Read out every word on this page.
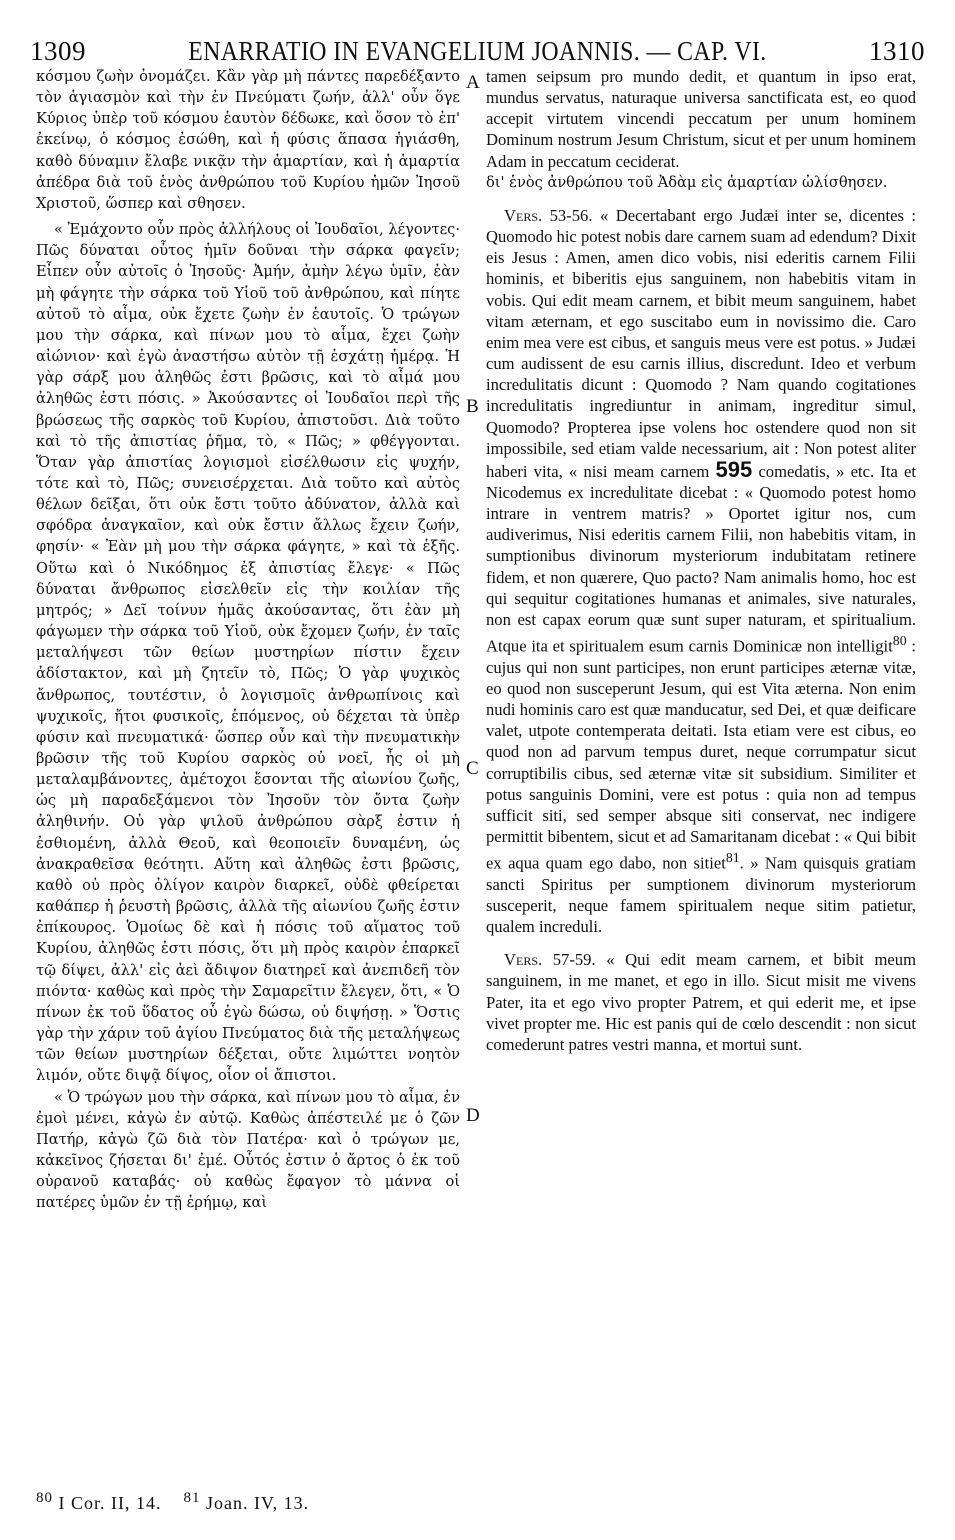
1309	ENARRATIO IN EVANGELIUM JOANNIS. — CAP. VI.	1310

κόσμου ζωὴν ὀνομάζει. Κἂν γὰρ μὴ πάντες παρεδέξαντο τὸν ἁγιασμὸν καὶ τὴν ἐν Πνεύματι ζωήν, ἀλλ' οὖν ὅγε Κύριος ὑπὲρ τοῦ κόσμου ἑαυτὸν δέδωκε, καὶ ὅσον τὸ ἐπ' ἐκείνῳ, ὁ κόσμος ἐσώθη, καὶ ἡ φύσις ἅπασα ἡγιάσθη, καθὸ δύναμιν ἔλαβε νικᾷν τὴν ἁμαρτίαν, καὶ ἡ ἁμαρτία ἀπέδρα διὰ τοῦ ἑνὸς ἀνθρώπου τοῦ Κυρίου ἡμῶν Ἰησοῦ Χριστοῦ, ὥσπερ καὶ σθησεν.

« Ἐμάχοντο οὖν πρὸς ἀλλήλους οἱ Ἰουδαῖοι, λέγοντες· Πῶς δύναται οὗτος ἡμῖν δοῦναι τὴν σάρκα φαγεῖν; Εἶπεν οὖν αὐτοῖς ὁ Ἰησοῦς· Ἀμήν, ἀμὴν λέγω ὑμῖν, ἐὰν μὴ φάγητε τὴν σάρκα τοῦ Υἱοῦ τοῦ ἀνθρώπου, καὶ πίητε αὐτοῦ τὸ αἷμα, οὐκ ἔχετε ζωὴν ἐν ἑαυτοῖς. Ὁ τρώγων μου τὴν σάρκα, καὶ πίνων μου τὸ αἷμα, ἔχει ζωὴν αἰώνιον· καὶ ἐγὼ ἀναστήσω αὐτὸν τῇ ἐσχάτῃ ἡμέρᾳ. Ἡ γὰρ σάρξ μου ἀληθῶς ἐστι βρῶσις, καὶ τὸ αἷμά μου ἀληθῶς ἐστι πόσις. » Ἀκούσαντες οἱ Ἰουδαῖοι περὶ τῆς βρώσεως τῆς σαρκὸς τοῦ Κυρίου, ἀπιστοῦσι. Διὰ τοῦτο καὶ τὸ τῆς ἀπιστίας ῥῆμα, τὸ, « Πῶς; » φθέγγονται. Ὅταν γὰρ ἀπιστίας λογισμοὶ εἰσέλθωσιν εἰς ψυχήν, τότε καὶ τὸ, Πῶς; συνεισέρχεται. Διὰ τοῦτο καὶ αὐτὸς θέλων δεῖξαι, ὅτι οὐκ ἔστι τοῦτο ἀδύνατον, ἀλλὰ καὶ σφόδρα ἀναγκαῖον, καὶ οὐκ ἔστιν ἄλλως ἔχειν ζωήν, φησίν· « Ἐὰν μὴ μου τὴν σάρκα φάγητε, » καὶ τὰ ἑξῆς. Οὕτω καὶ ὁ Νικόδημος ἐξ ἀπιστίας ἔλεγε· « Πῶς δύναται ἄνθρωπος εἰσελθεῖν εἰς τὴν κοιλίαν τῆς μητρός; » Δεῖ τοίνυν ἡμᾶς ἀκούσαντας, ὅτι ἐὰν μὴ φάγωμεν τὴν σάρκα τοῦ Υἱοῦ, οὐκ ἔχομεν ζωήν, ἐν ταῖς μεταλήψεσι τῶν θείων μυστηρίων πίστιν ἔχειν ἀδίστακτον, καὶ μὴ ζητεῖν τὸ, Πῶς; Ὁ γὰρ ψυχικὸς ἄνθρωπος, τουτέστιν, ὁ λογισμοῖς ἀνθρωπίνοις καὶ ψυχικοῖς, ἤτοι φυσικοῖς, ἑπόμενος, οὐ δέχεται τὰ ὑπὲρ φύσιν καὶ πνευματικά· ὥσπερ οὖν καὶ τὴν πνευματικὴν βρῶσιν τῆς τοῦ Κυρίου σαρκὸς οὐ νοεῖ, ἧς οἱ μὴ μεταλαμβάνοντες, ἀμέτοχοι ἔσονται τῆς αἰωνίου ζωῆς, ὡς μὴ παραδεξάμενοι τὸν Ἰησοῦν τὸν ὄντα ζωὴν ἀληθινήν. Οὐ γὰρ ψιλοῦ ἀνθρώπου σὰρξ ἐστιν ἡ ἐσθιομένη, ἀλλὰ Θεοῦ, καὶ θεοποιεῖν δυναμένη, ὡς ἀνακραθεῖσα θεότητι. Αὕτη καὶ ἀληθῶς ἐστι βρῶσις, καθὸ οὐ πρὸς ὀλίγον καιρὸν διαρκεῖ, οὐδὲ φθείρεται καθάπερ ἡ ῥευστὴ βρῶσις, ἀλλὰ τῆς αἰωνίου ζωῆς ἐστιν ἐπίκουρος. Ὁμοίως δὲ καὶ ἡ πόσις τοῦ αἵματος τοῦ Κυρίου, ἀληθῶς ἐστι πόσις, ὅτι μὴ πρὸς καιρὸν ἐπαρκεῖ τῷ δίψει, ἀλλ' εἰς ἀεὶ ἄδιψον διατηρεῖ καὶ ἀνεπιδεῆ τὸν πιόντα· καθὼς καὶ πρὸς τὴν Σαμαρεῖτιν ἔλεγεν, ὅτι, « Ὁ πίνων ἐκ τοῦ ὕδατος οὗ ἐγὼ δώσω, οὐ διψήσῃ. » Ὅστις γὰρ τὴν χάριν τοῦ ἁγίου Πνεύματος διὰ τῆς μεταλήψεως τῶν θείων μυστηρίων δέξεται, οὔτε λιμώττει νοητὸν λιμόν, οὔτε διψᾷ δίψος, οἷον οἱ ἄπιστοι.

« Ὁ τρώγων μου τὴν σάρκα, καὶ πίνων μου τὸ αἷμα, ἐν ἐμοὶ μένει, κἀγὼ ἐν αὐτῷ. Καθὼς ἀπέστειλέ με ὁ ζῶν Πατήρ, κἀγὼ ζῶ διὰ τὸν Πατέρα· καὶ ὁ τρώγων με, κἀκεῖνος ζήσεται δι' ἐμέ. Οὗτός ἐστιν ὁ ἄρτος ὁ ἐκ τοῦ οὐρανοῦ καταβάς· οὐ καθὼς ἔφαγον τὸ μάννα οἱ πατέρες ὑμῶν ἐν τῇ ἐρήμῳ, καὶ

A
B
C
D

tamen seipsum pro mundo dedit, et quantum in ipso erat, mundus servatus, naturaque universa sanctificata est, eo quod accepit virtutem vincendi peccatum per unum hominem Dominum nostrum Jesum Christum, sicut et per unum hominem Adam in peccatum ceciderat.

δι' ἑνὸς ἀνθρώπου τοῦ Ἀδὰμ εἰς ἁμαρτίαν ὠλίσθησεν.

Vers. 53-56. « Decertabant ergo Judæi inter se, dicentes : Quomodo hic potest nobis dare carnem suam ad edendum? Dixit eis Jesus : Amen, amen dico vobis, nisi ederitis carnem Filii hominis, et biberitis ejus sanguinem, non habebitis vitam in vobis. Qui edit meam carnem, et bibit meum sanguinem, habet vitam æternam, et ego suscitabo eum in novissimo die. Caro enim mea vere est cibus, et sanguis meus vere est potus. » Judæi cum audissent de esu carnis illius, discredunt. Ideo et verbum incredulitatis dicunt : Quomodo ? Nam quando cogitationes incredulitatis ingrediuntur in animam, ingreditur simul, Quomodo? Propterea ipse volens hoc ostendere quod non sit impossibile, sed etiam valde necessarium, ait : Non potest aliter haberi vita, « nisi meam carnem 595 comedatis, » etc. Ita et Nicodemus ex incredulitate dicebat : « Quomodo potest homo intrare in ventrem matris? » Oportet igitur nos, cum audiverimus, Nisi ederitis carnem Filii, non habebitis vitam, in sumptionibus divinorum mysteriorum indubitatam retinere fidem, et non quærere, Quo pacto? Nam animalis homo, hoc est qui sequitur cogitationes humanas et animales, sive naturales, non est capax eorum quæ sunt super naturam, et spiritualium. Atque ita et spiritualem esum carnis Dominicæ non intelligit$^{80}$ : cujus qui non sunt participes, non erunt participes æternæ vitæ, eo quod non susceperunt Jesum, qui est Vita æterna. Non enim nudi hominis caro est quæ manducatur, sed Dei, et quæ deificare valet, utpote contemperata deitati. Ista etiam vere est cibus, eo quod non ad parvum tempus duret, neque corrumpatur sicut corruptibilis cibus, sed æternæ vitæ sit subsidium. Similiter et potus sanguinis Domini, vere est potus : quia non ad tempus sufficit siti, sed semper absque siti conservat, nec indigere permittit bibentem, sicut et ad Samaritanam dicebat : « Qui bibit ex aqua quam ego dabo, non sitiet$^{81}$. » Nam quisquis gratiam sancti Spiritus per sumptionem divinorum mysteriorum susceperit, neque famem spiritualem neque sitim patietur, qualem increduli.

Vers. 57-59. « Qui edit meam carnem, et bibit meum sanguinem, in me manet, et ego in illo. Sicut misit me vivens Pater, ita et ego vivo propter Patrem, et qui ederit me, et ipse vivet propter me. Hic est panis qui de cœlo descendit : non sicut comederunt patres vestri manna, et mortui sunt.

$^{80}$ I Cor. II, 14. $^{81}$ Joan. IV, 13.
